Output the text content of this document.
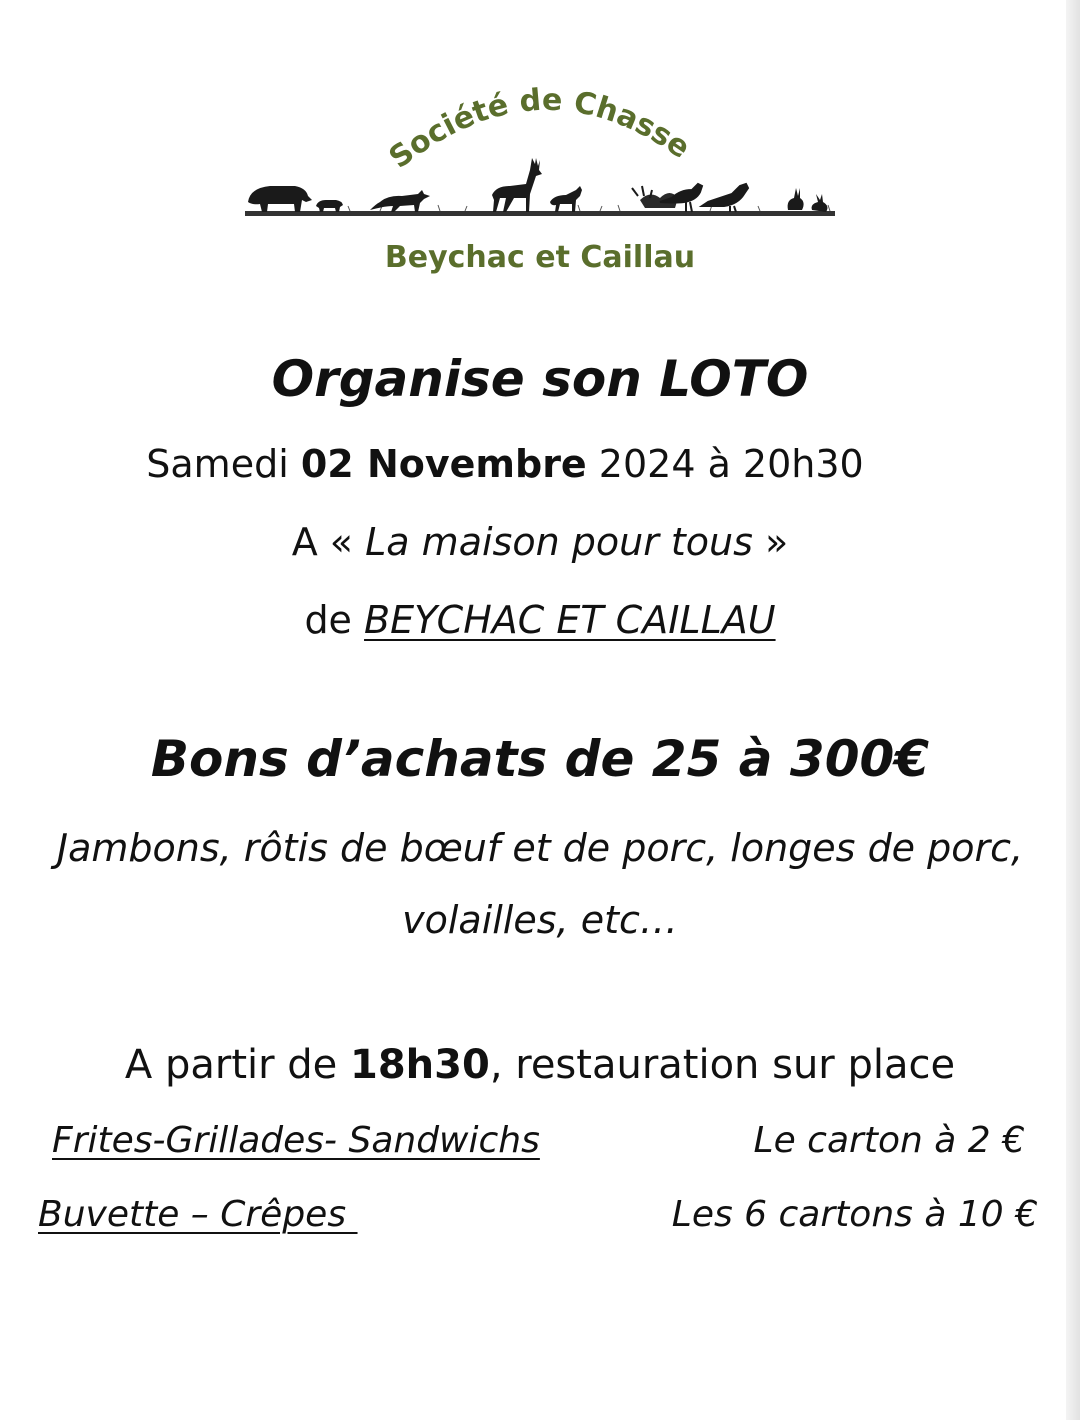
Société de Chasse
Beychac et Caillau
Organise son LOTO
Samedi 02 Novembre 2024 à 20h30
A « La maison pour tous »
de BEYCHAC ET CAILLAU
Bons d’achats de 25 à 300€
Jambons, rôtis de bœuf et de porc, longes de porc,
volailles, etc…
A partir de 18h30, restauration sur place
Frites-Grillades- Sandwichs
Buvette – Crêpes
Le carton à 2 €
Les 6 cartons à 10 €
